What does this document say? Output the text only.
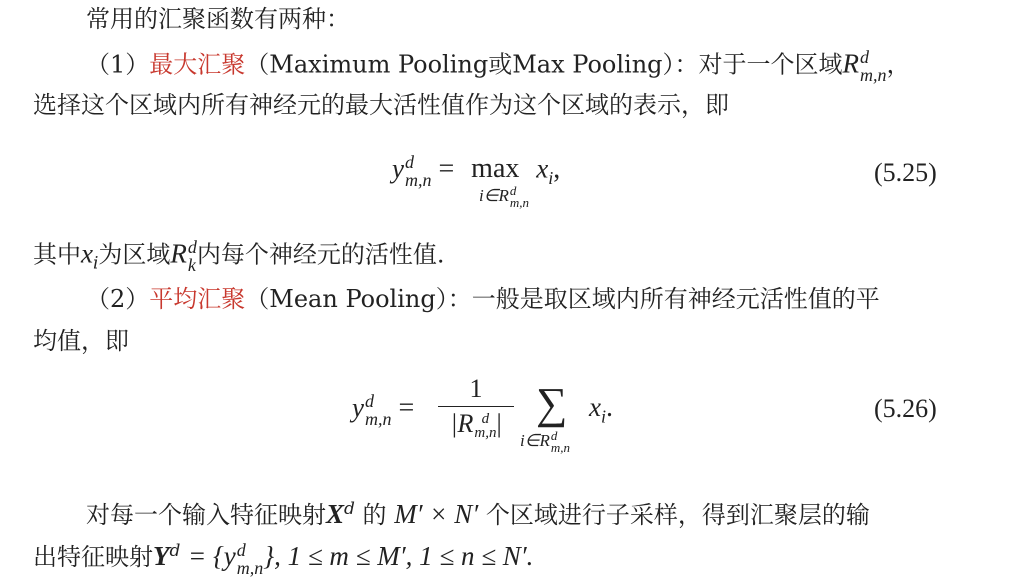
常用的汇聚函数有两种：
（1）最大汇聚（Maximum Pooling或Max Pooling）：对于一个区域R d
m,n ，
选择这个区域内所有神经元的最大活性值作为这个区域的表示，即
y d
$m,n = \max x_i$,
i∈R d
m,n
(5.25)
其中$x_i$为区域R d
k 内每个神经元的活性值.
（2）平均汇聚（Mean Pooling）：一般是取区域内所有神经元活性值的平
均值，即
y d
m,n =
1
|R d
m,n | ∑
i∈R d
m,n
$x_i$.	(5.26)
对每一个输入特征映射$X^d$ 的 M′ × N′ 个区域进行子采样，得到汇聚层的输
出特征映射$Y^d = \{y$ d
m,n }, 1 ≤ m ≤ M′, 1 ≤ n ≤ N′.
